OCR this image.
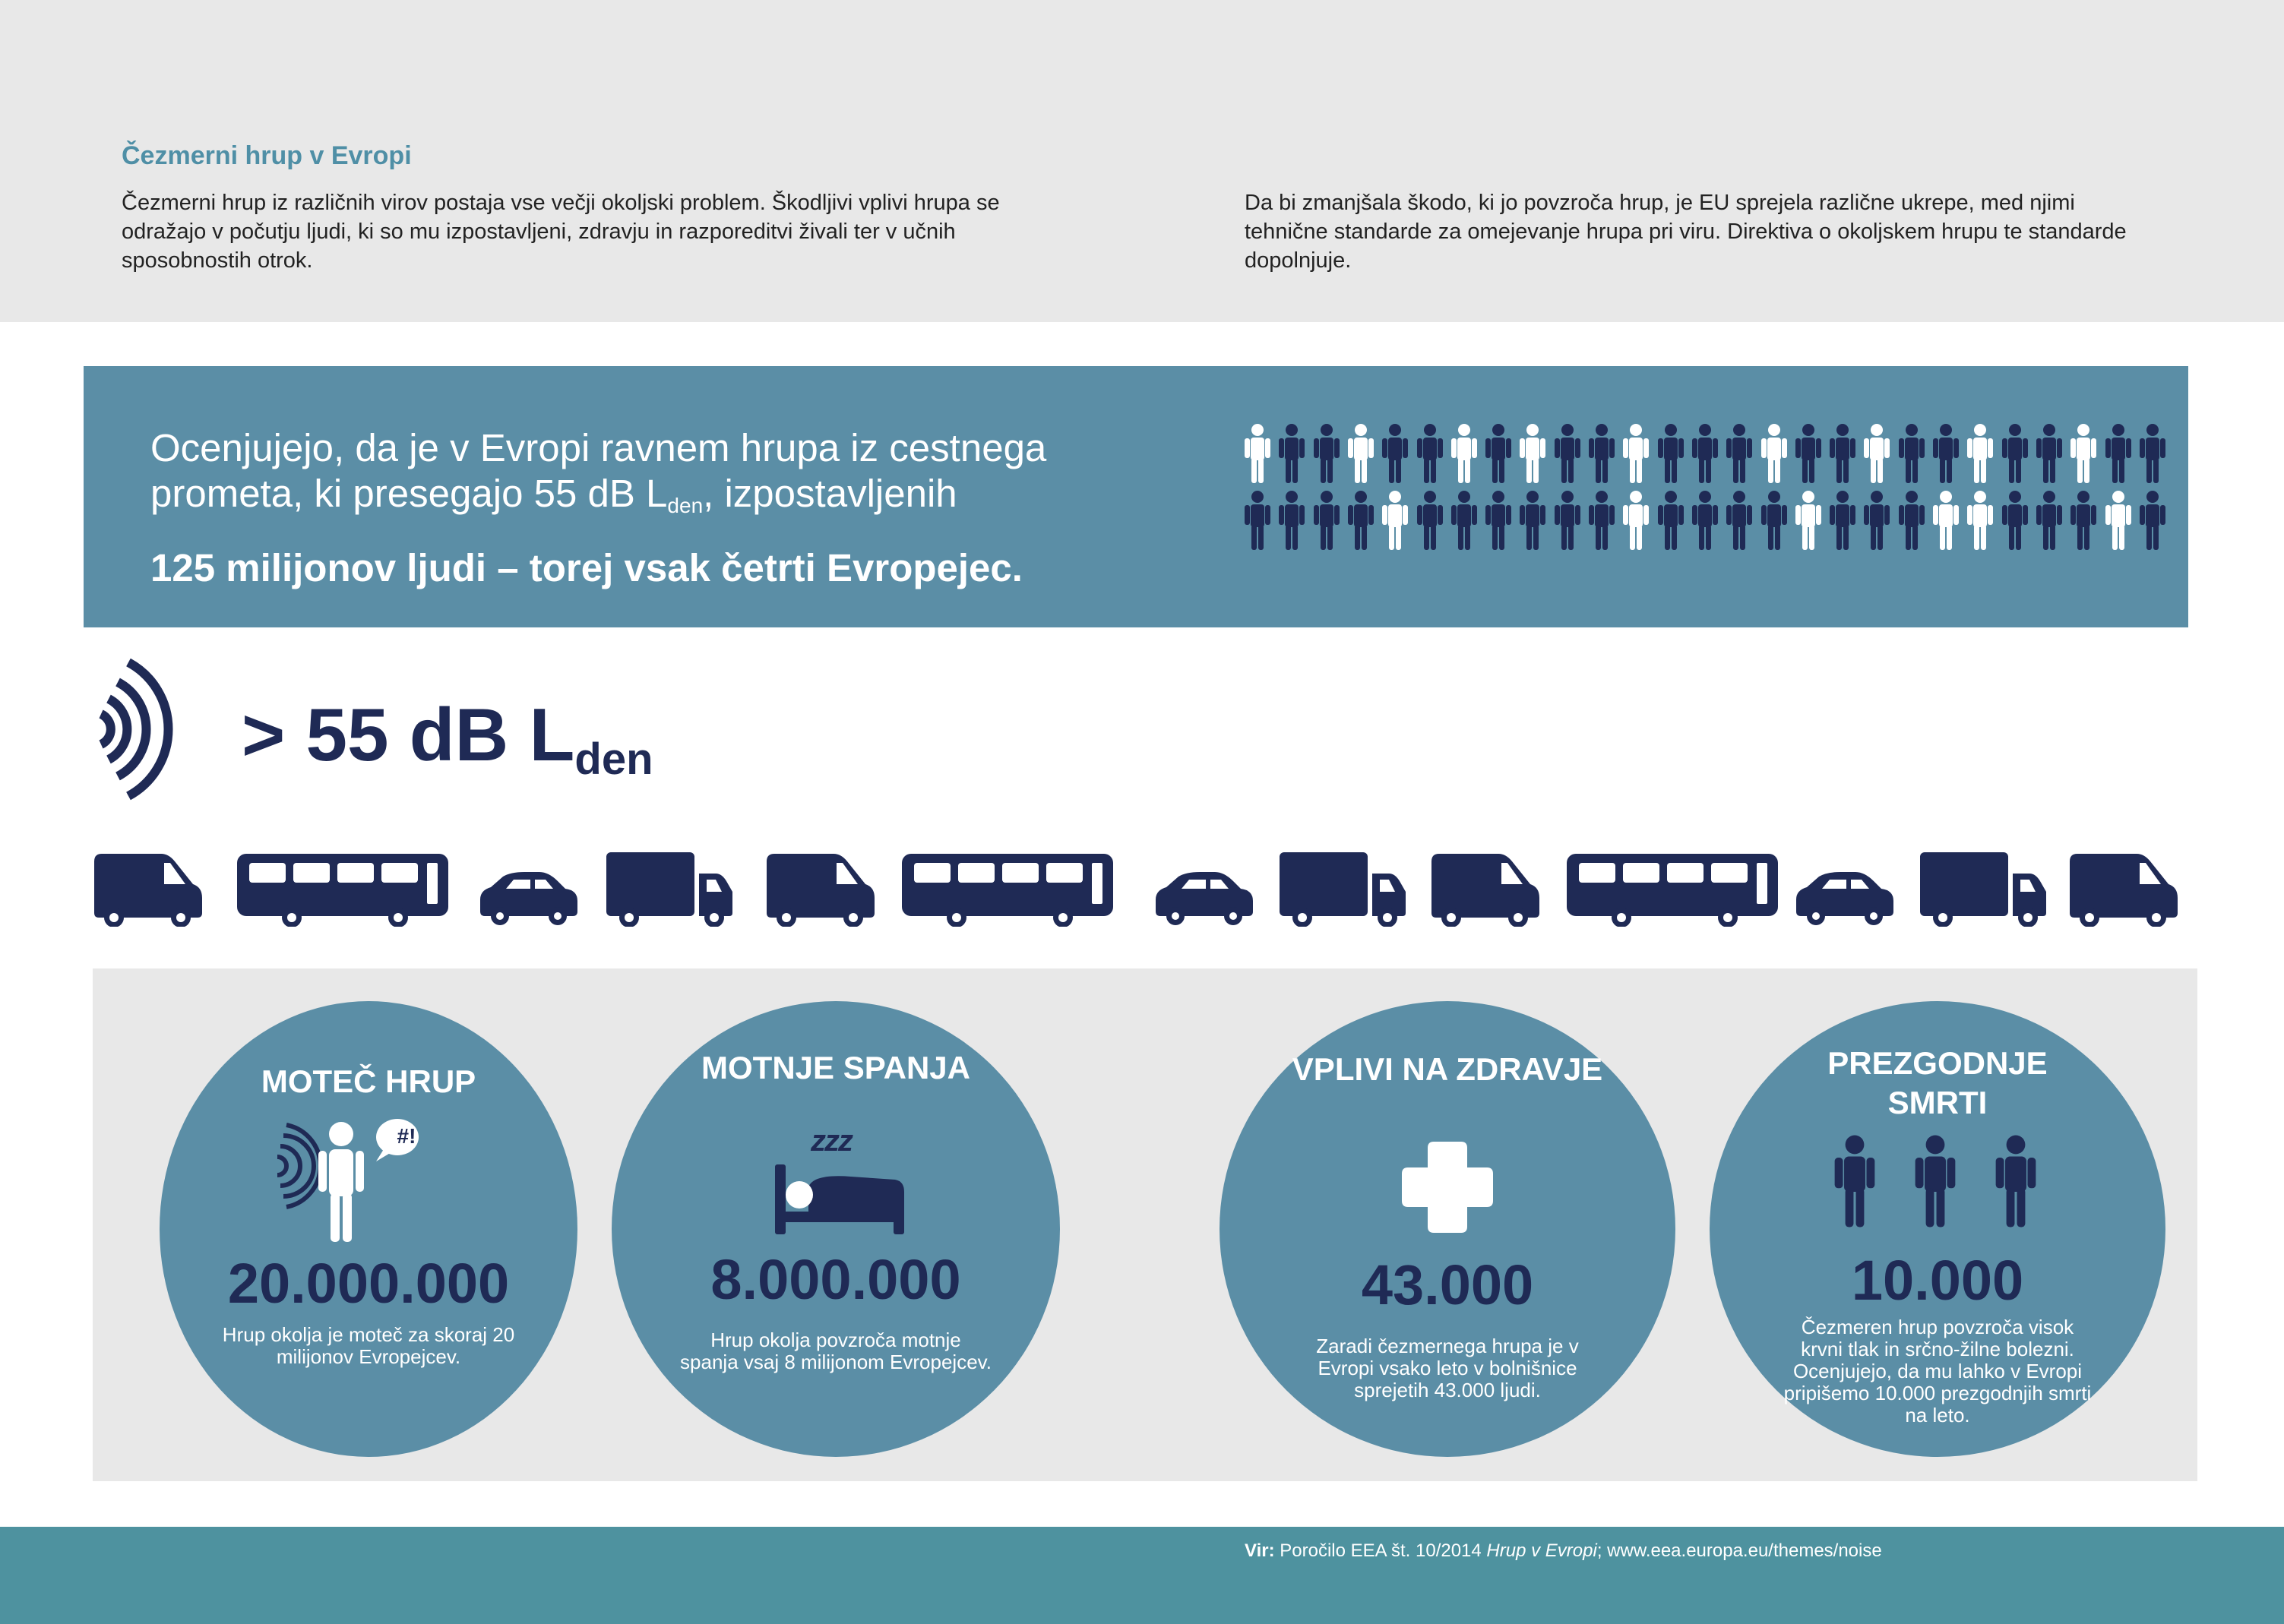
Čezmerni hrup v Evropi
Čezmerni hrup iz različnih virov postaja vse večji okoljski problem. Škodljivi vplivi hrupa se odražajo v počutju ljudi, ki so mu izpostavljeni, zdravju in razporeditvi živali ter v učnih sposobnostih otrok.
Da bi zmanjšala škodo, ki jo povzroča hrup, je EU sprejela različne ukrepe, med njimi tehnične standarde za omejevanje hrupa pri viru. Direktiva o okoljskem hrupu te standarde dopolnjuje.
Ocenjujejo, da je v Evropi ravnem hrupa iz cestnega
prometa, ki presegajo 55 dB $L_{den}$, izpostavljenih
125 milijonov ljudi – torej vsak četrti Evropejec.
> 55 dB $L_{den}$
MOTEČ HRUP
#!
20.000.000
Hrup okolja je moteč za skoraj 20 milijonov Evropejcev.
MOTNJE SPANJA
zzz
8.000.000
Hrup okolja povzroča motnje spanja vsaj 8 milijonom Evropejcev.
VPLIVI NA ZDRAVJE
43.000
Zaradi čezmernega hrupa je v Evropi vsako leto v bolnišnice sprejetih 43.000 ljudi.
PREZGODNJE SMRTI
10.000
Čezmeren hrup povzroča visok krvni tlak in srčno-žilne bolezni. Ocenjujejo, da mu lahko v Evropi pripišemo 10.000 prezgodnjih smrti na leto.
Vir: Poročilo EEA št. 10/2014 Hrup v Evropi; www.eea.europa.eu/themes/noise
